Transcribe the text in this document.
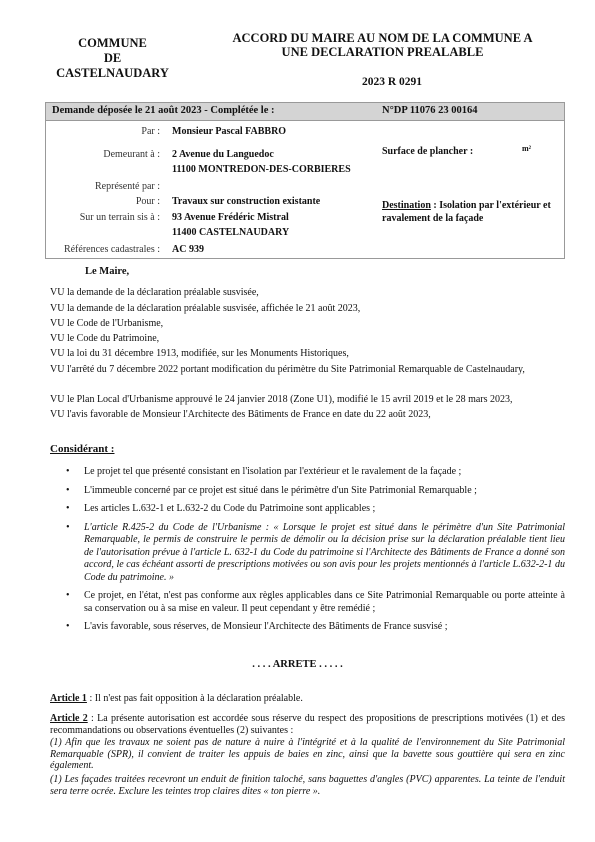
COMMUNE
DE
CASTELNAUDARY
ACCORD DU MAIRE AU NOM DE LA COMMUNE A
UNE DECLARATION PREALABLE
2023 R 0291
Demande déposée le 21 août 2023 - Complétée le :	N°DP 11076 23 00164
Par : Monsieur Pascal FABBRO
Demeurant à : 2 Avenue du Languedoc
11100 MONTREDON-DES-CORBIERES
Représenté par :
Pour : Travaux sur construction existante
Sur un terrain sis à : 93 Avenue Frédéric Mistral
11400 CASTELNAUDARY
Références cadastrales : AC 939
Surface de plancher :	m²
Destination : Isolation par l'extérieur et ravalement de la façade
Le Maire,
VU la demande de la déclaration préalable susvisée,
VU la demande de la déclaration préalable susvisée, affichée le 21 août 2023,
VU le Code de l'Urbanisme,
VU le Code du Patrimoine,
VU la loi du 31 décembre 1913, modifiée, sur les Monuments Historiques,
VU l'arrêté du 7 décembre 2022 portant modification du périmètre du Site Patrimonial Remarquable de Castelnaudary,
VU le Plan Local d'Urbanisme approuvé le 24 janvier 2018 (Zone U1), modifié le 15 avril 2019 et le 28 mars 2023,
VU l'avis favorable de Monsieur l'Architecte des Bâtiments de France en date du 22 août 2023,
Considérant :
• Le projet tel que présenté consistant en l'isolation par l'extérieur et le ravalement de la façade ;
• L'immeuble concerné par ce projet est situé dans le périmètre d'un Site Patrimonial Remarquable ;
• Les articles L.632-1 et L.632-2 du Code du Patrimoine sont applicables ;
• L'article R.425-2 du Code de l'Urbanisme : « Lorsque le projet est situé dans le périmètre d'un Site Patrimonial Remarquable, le permis de construire le permis de démolir ou la décision prise sur la déclaration préalable tient lieu de l'autorisation prévue à l'article L. 632-1 du Code du patrimoine si l'Architecte des Bâtiments de France a donné son accord, le cas échéant assorti de prescriptions motivées ou son avis pour les projets mentionnés à l'article L.632-2-1 du Code du patrimoine. »
• Ce projet, en l'état, n'est pas conforme aux règles applicables dans ce Site Patrimonial Remarquable ou porte atteinte à sa conservation ou à sa mise en valeur. Il peut cependant y être remédié ;
• L'avis favorable, sous réserves, de Monsieur l'Architecte des Bâtiments de France susvisé ;
. . . . ARRETE . . . . .
Article 1 : Il n'est pas fait opposition à la déclaration préalable.
Article 2 : La présente autorisation est accordée sous réserve du respect des propositions de prescriptions motivées (1) et des recommandations ou observations éventuelles (2) suivantes :
(1) Afin que les travaux ne soient pas de nature à nuire à l'intégrité et à la qualité de l'environnement du Site Patrimonial Remarquable (SPR), il convient de traiter les appuis de baies en zinc, ainsi que la bavette sous gouttière qui sera en zinc également.
(1) Les façades traitées recevront un enduit de finition taloché, sans baguettes d'angles (PVC) apparentes. La teinte de l'enduit sera terre ocrée. Exclure les teintes trop claires dites « ton pierre ».
